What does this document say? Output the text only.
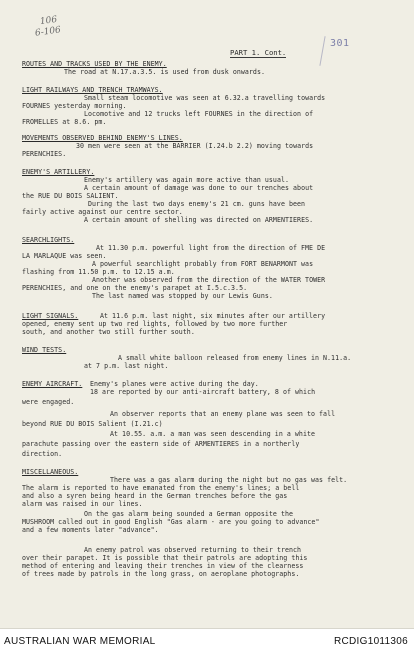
106
6-106
301
PART 1. Cont.
ROUTES AND TRACKS USED BY THE ENEMY.
The road at N.17.a.3.5. is used from dusk onwards.
LIGHT RAILWAYS AND TRENCH TRAMWAYS.
Small steam locomotive was seen at 6.32.a travelling towards
FOURNES yesterday morning.
Locomotive and 12 trucks left FOURNES in the direction of
FROMELLES at 8.6. pm.
MOVEMENTS OBSERVED BEHIND ENEMY'S LINES.
30 men were seen at the BARRIER (I.24.b 2.2) moving towards
PERENCHIES.
ENEMY'S ARTILLERY.
Enemy's artillery was again more active than usual.
A certain amount of damage was done to our trenches about
the RUE DU BOIS SALIENT.
During the last two days enemy's 21 cm. guns have been
fairly active against our centre sector.
A certain amount of shelling was directed on ARMENTIERES.
SEARCHLIGHTS.
At 11.30 p.m. powerful light from the direction of FME DE
LA MARLAQUE was seen.
A powerful searchlight probably from FORT BENARMONT was
flashing from 11.50 p.m. to 12.15 a.m.
Another was observed from the direction of the WATER TOWER
PERENCHIES, and one on the enemy's parapet at I.5.c.3.5.
The last named was stopped by our Lewis Guns.
LIGHT SIGNALS.	At 11.6 p.m. last night, six minutes after our artillery
opened, enemy sent up two red lights, followed by two more further
south, and another two still further south.
WIND TESTS.
A small white balloon released from enemy lines in N.11.a.
at 7 p.m. last night.
ENEMY AIRCRAFT. Enemy's planes were active during the day.
18 are reported by our anti-aircraft battery, 8 of which
were engaged.
An observer reports that an enemy plane was seen to fall
beyond RUE DU BOIS Salient (I.21.c)
At 10.55. a.m. a man was seen descending in a white
parachute passing over the eastern side of ARMENTIERES in a northerly
direction.
MISCELLANEOUS.
There was a gas alarm during the night but no gas was felt.
The alarm is reported to have emanated from the enemy's lines; a bell
and also a syren being heard in the German trenches before the gas
alarm was raised in our lines.
On the gas alarm being sounded a German opposite the
MUSHROOM called out in good English "Gas alarm - are you going to advance"
and a few moments later "advance".
An enemy patrol was observed returning to their trench
over their parapet. It is possible that their patrols are adopting this
method of entering and leaving their trenches in view of the clearness
of trees made by patrols in the long grass, on aeroplane photographs.
AUSTRALIAN WAR MEMORIAL	RCDIG1011306
